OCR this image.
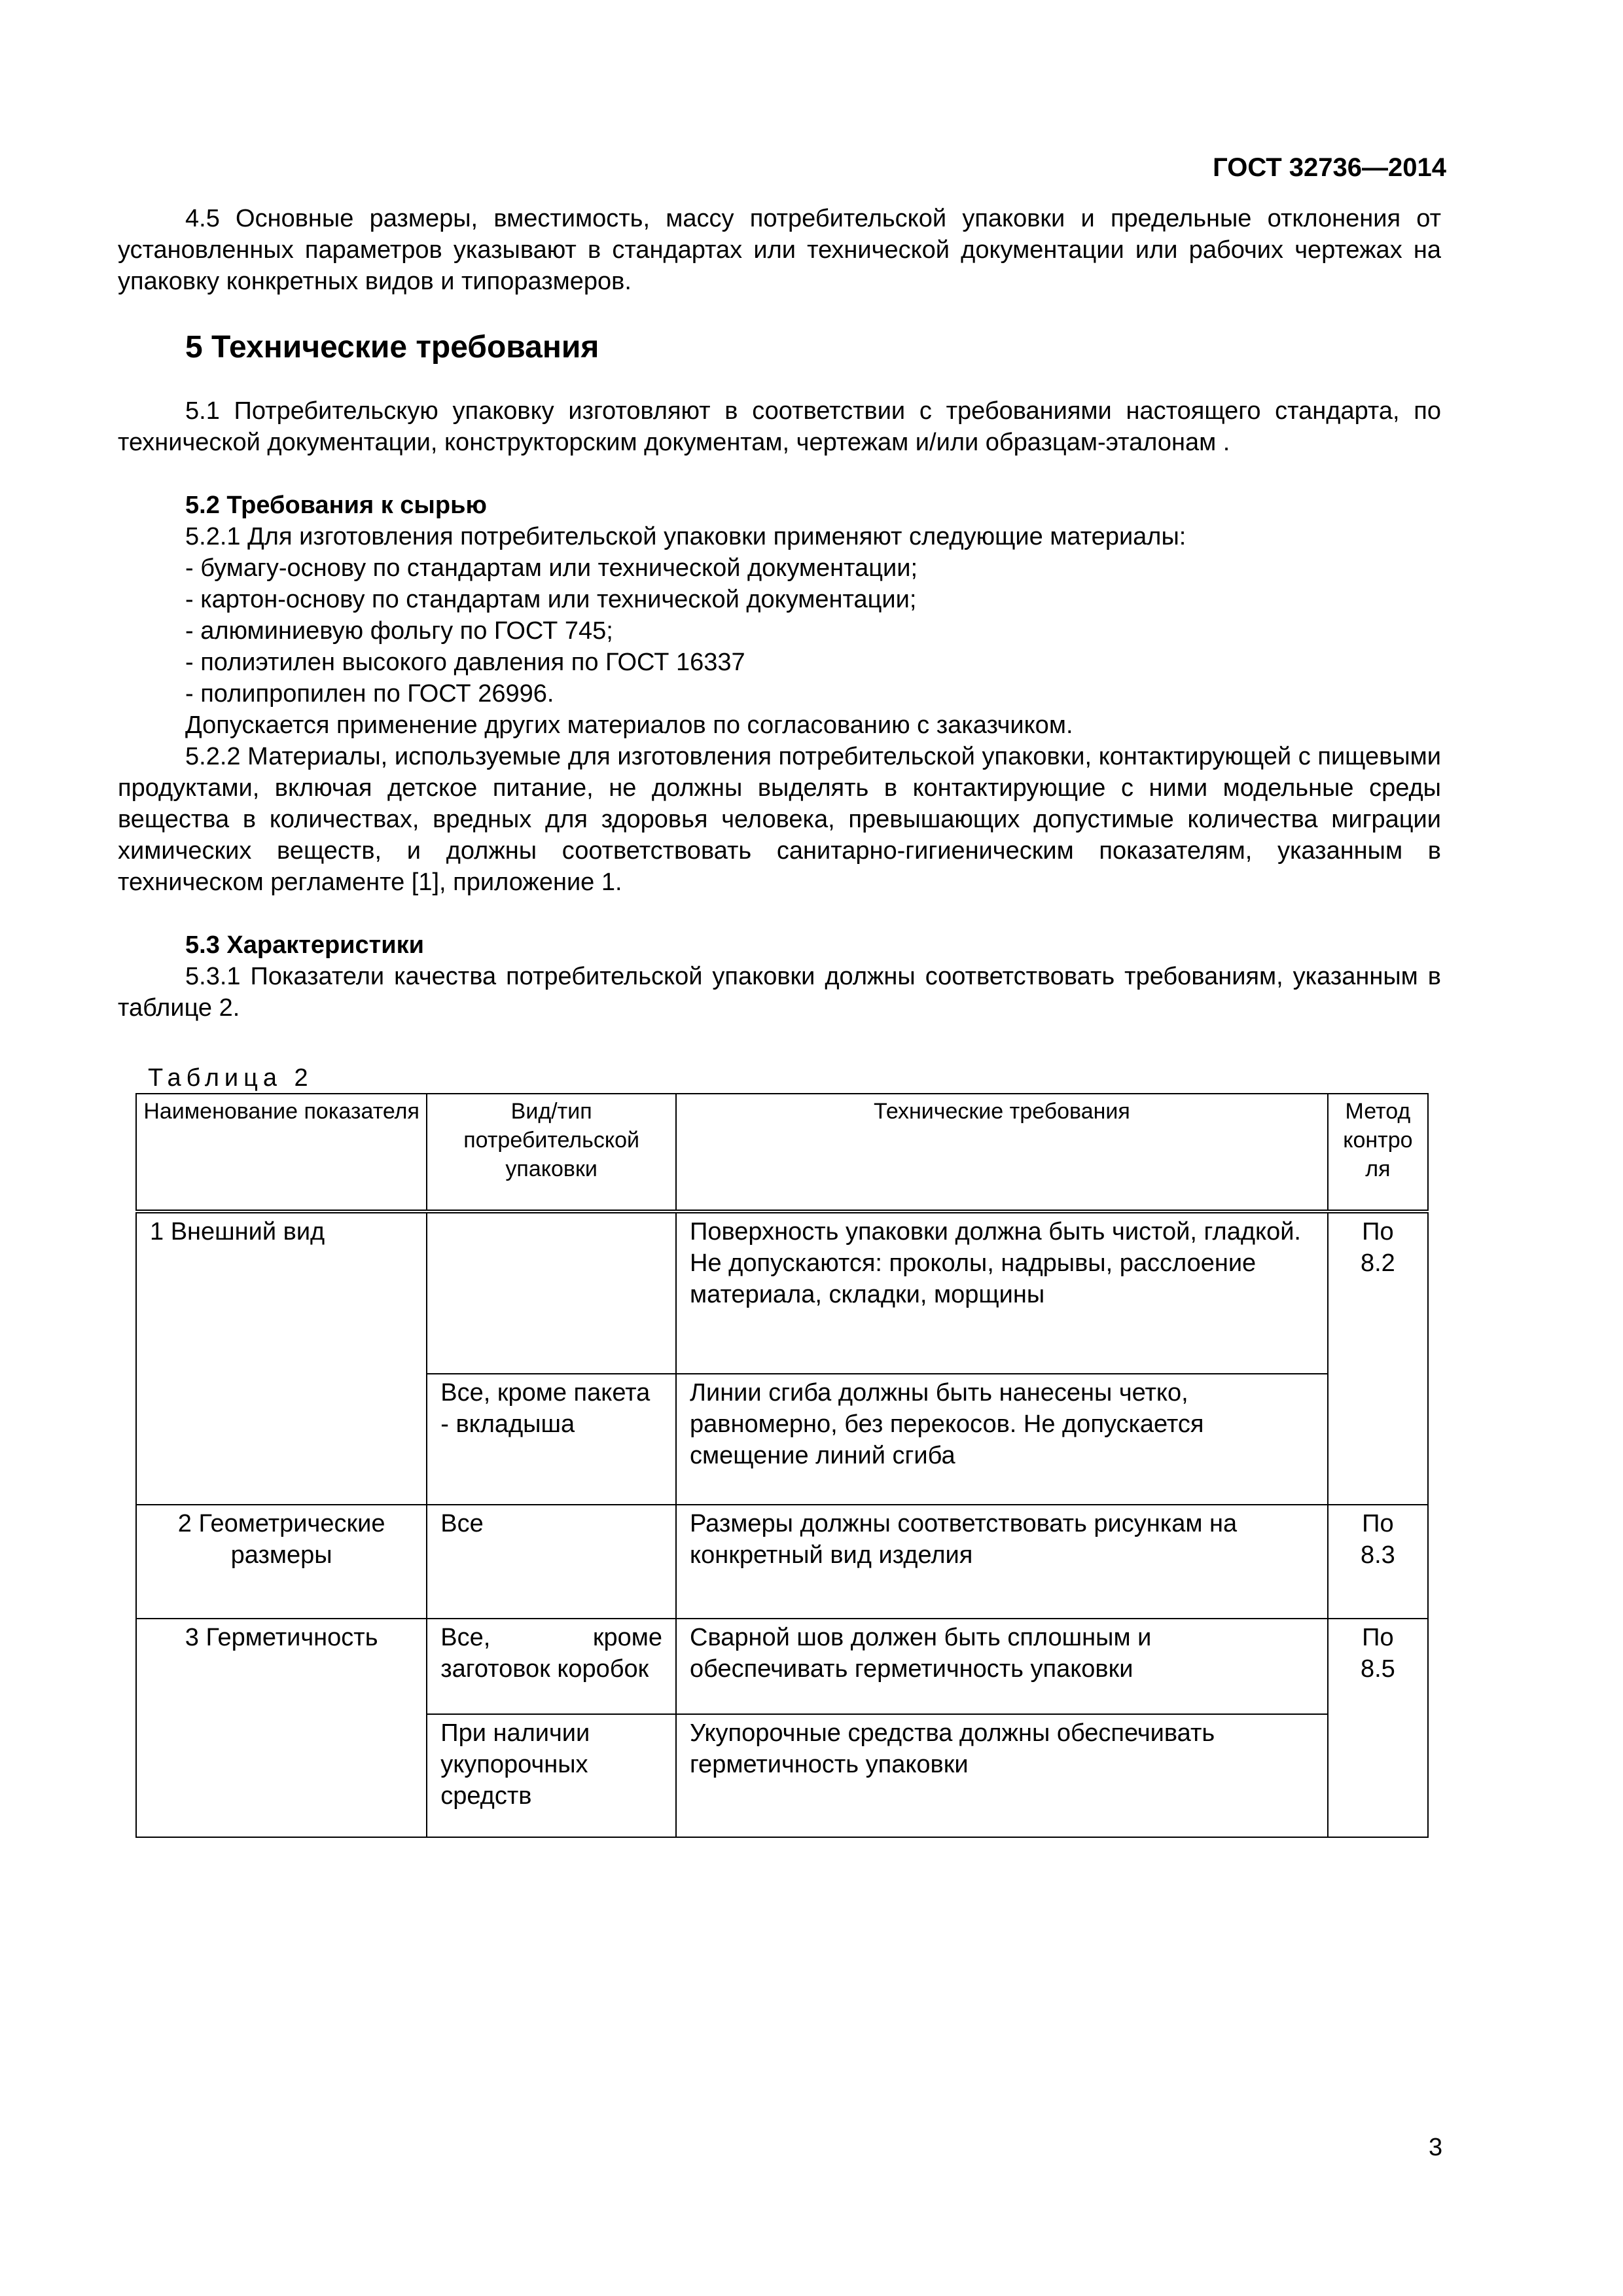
ГОСТ 32736—2014
4.5 Основные размеры, вместимость, массу потребительской упаковки и предельные отклонения от установленных параметров указывают в стандартах или технической документации или рабочих чертежах на упаковку конкретных видов и типоразмеров.
5 Технические требования
5.1 Потребительскую упаковку изготовляют в соответствии с требованиями настоящего стандарта, по технической документации, конструкторским документам, чертежам и/или образцам-эталонам .
5.2 Требования к сырью
5.2.1 Для изготовления потребительской упаковки применяют следующие материалы:
- бумагу-основу по стандартам или технической документации;
- картон-основу по стандартам или технической документации;
- алюминиевую фольгу по ГОСТ 745;
- полиэтилен высокого давления по ГОСТ 16337
- полипропилен по ГОСТ 26996.
Допускается применение других материалов по согласованию с заказчиком.
5.2.2 Материалы, используемые для изготовления потребительской упаковки, контактирующей с пищевыми продуктами, включая детское питание, не должны выделять в контактирующие с ними модельные среды вещества в количествах, вредных для здоровья человека, превышающих допустимые количества миграции химических веществ, и должны соответствовать санитарно-гигиеническим показателям, указанным в техническом регламенте [1], приложение 1.
5.3 Характеристики
5.3.1 Показатели качества потребительской упаковки должны соответствовать требованиям, указанным в таблице 2.
Таблица 2
Наименование показателя	Вид/тип потребительской упаковки	Технические требования	Метод контро ля
1 Внешний вид		Поверхность упаковки должна быть чистой, гладкой. Не допускаются: проколы, надрывы, расслоение материала, складки, морщины	По 8.2
	Все, кроме пакета - вкладыша	Линии сгиба должны быть нанесены четко, равномерно, без перекосов. Не допускается смещение линий сгиба	
2 Геометрические размеры	Все	Размеры должны соответствовать рисункам на конкретный вид изделия	По 8.3
3 Герметичность	Все, кроме заготовок коробок	Сварной шов должен быть сплошным и обеспечивать герметичность упаковки	По 8.5
	При наличии укупорочных средств	Укупорочные средства должны обеспечивать герметичность упаковки	
3
